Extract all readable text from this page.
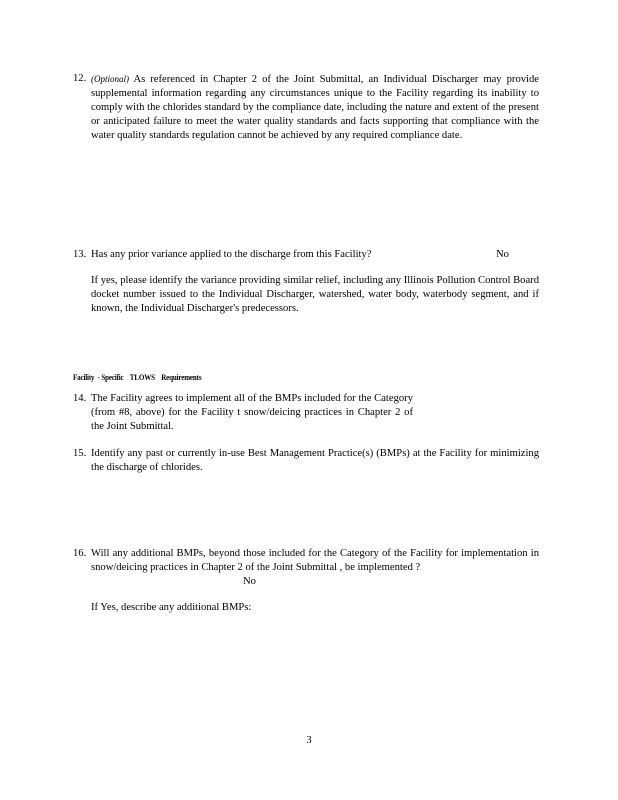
12. (Optional) As referenced in Chapter 2 of the Joint Submittal, an Individual Discharger may provide supplemental information regarding any circumstances unique to the Facility regarding its inability to comply with the chlorides standard by the compliance date, including the nature and extent of the present or anticipated failure to meet the water quality standards and facts supporting that compliance with the water quality standards regulation cannot be achieved by any required compliance date.
13. Has any prior variance applied to the discharge from this Facility?	No
If yes, please identify the variance providing similar relief, including any Illinois Pollution Control Board docket number issued to the Individual Discharger, watershed, water body, waterbody segment, and if known, the Individual Discharger's predecessors.
Facility  - Specific    TLOWS    Requirements
14. The Facility agrees to implement all of the BMPs included for the Category (from #8, above) for the Facility t snow/deicing practices in Chapter 2 of the Joint Submittal.
15. Identify any past or currently in-use Best Management Practice(s) (BMPs) at the Facility for minimizing the discharge of chlorides.
16. Will any additional BMPs, beyond those included for the Category of the Facility for implementation in snow/deicing practices in Chapter 2 of the Joint Submittal , be implemented ?
No
If Yes, describe any additional BMPs:
3
